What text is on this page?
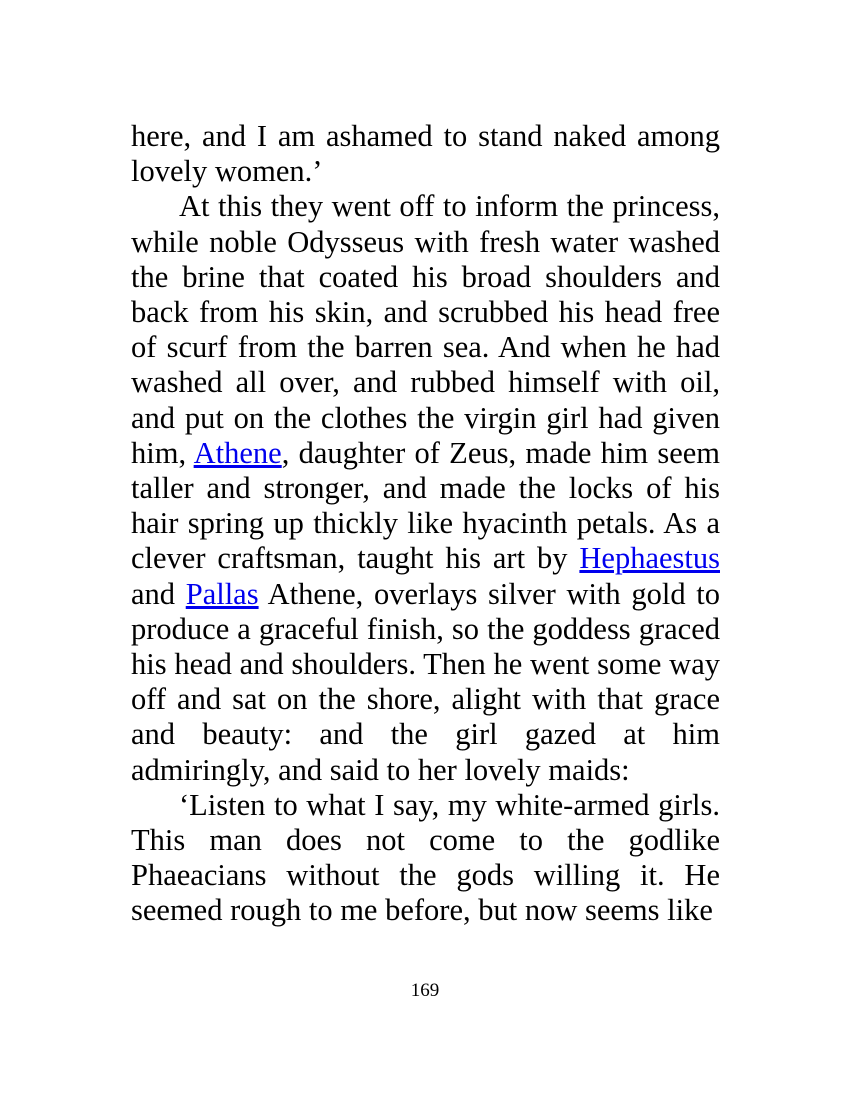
here, and I am ashamed to stand naked among lovely women.’

At this they went off to inform the princess, while noble Odysseus with fresh water washed the brine that coated his broad shoulders and back from his skin, and scrubbed his head free of scurf from the barren sea. And when he had washed all over, and rubbed himself with oil, and put on the clothes the virgin girl had given him, Athene, daughter of Zeus, made him seem taller and stronger, and made the locks of his hair spring up thickly like hyacinth petals. As a clever craftsman, taught his art by Hephaestus and Pallas Athene, overlays silver with gold to produce a graceful finish, so the goddess graced his head and shoulders. Then he went some way off and sat on the shore, alight with that grace and beauty: and the girl gazed at him admiringly, and said to her lovely maids:

‘Listen to what I say, my white-armed girls. This man does not come to the godlike Phaeacians without the gods willing it. He seemed rough to me before, but now seems like

169
